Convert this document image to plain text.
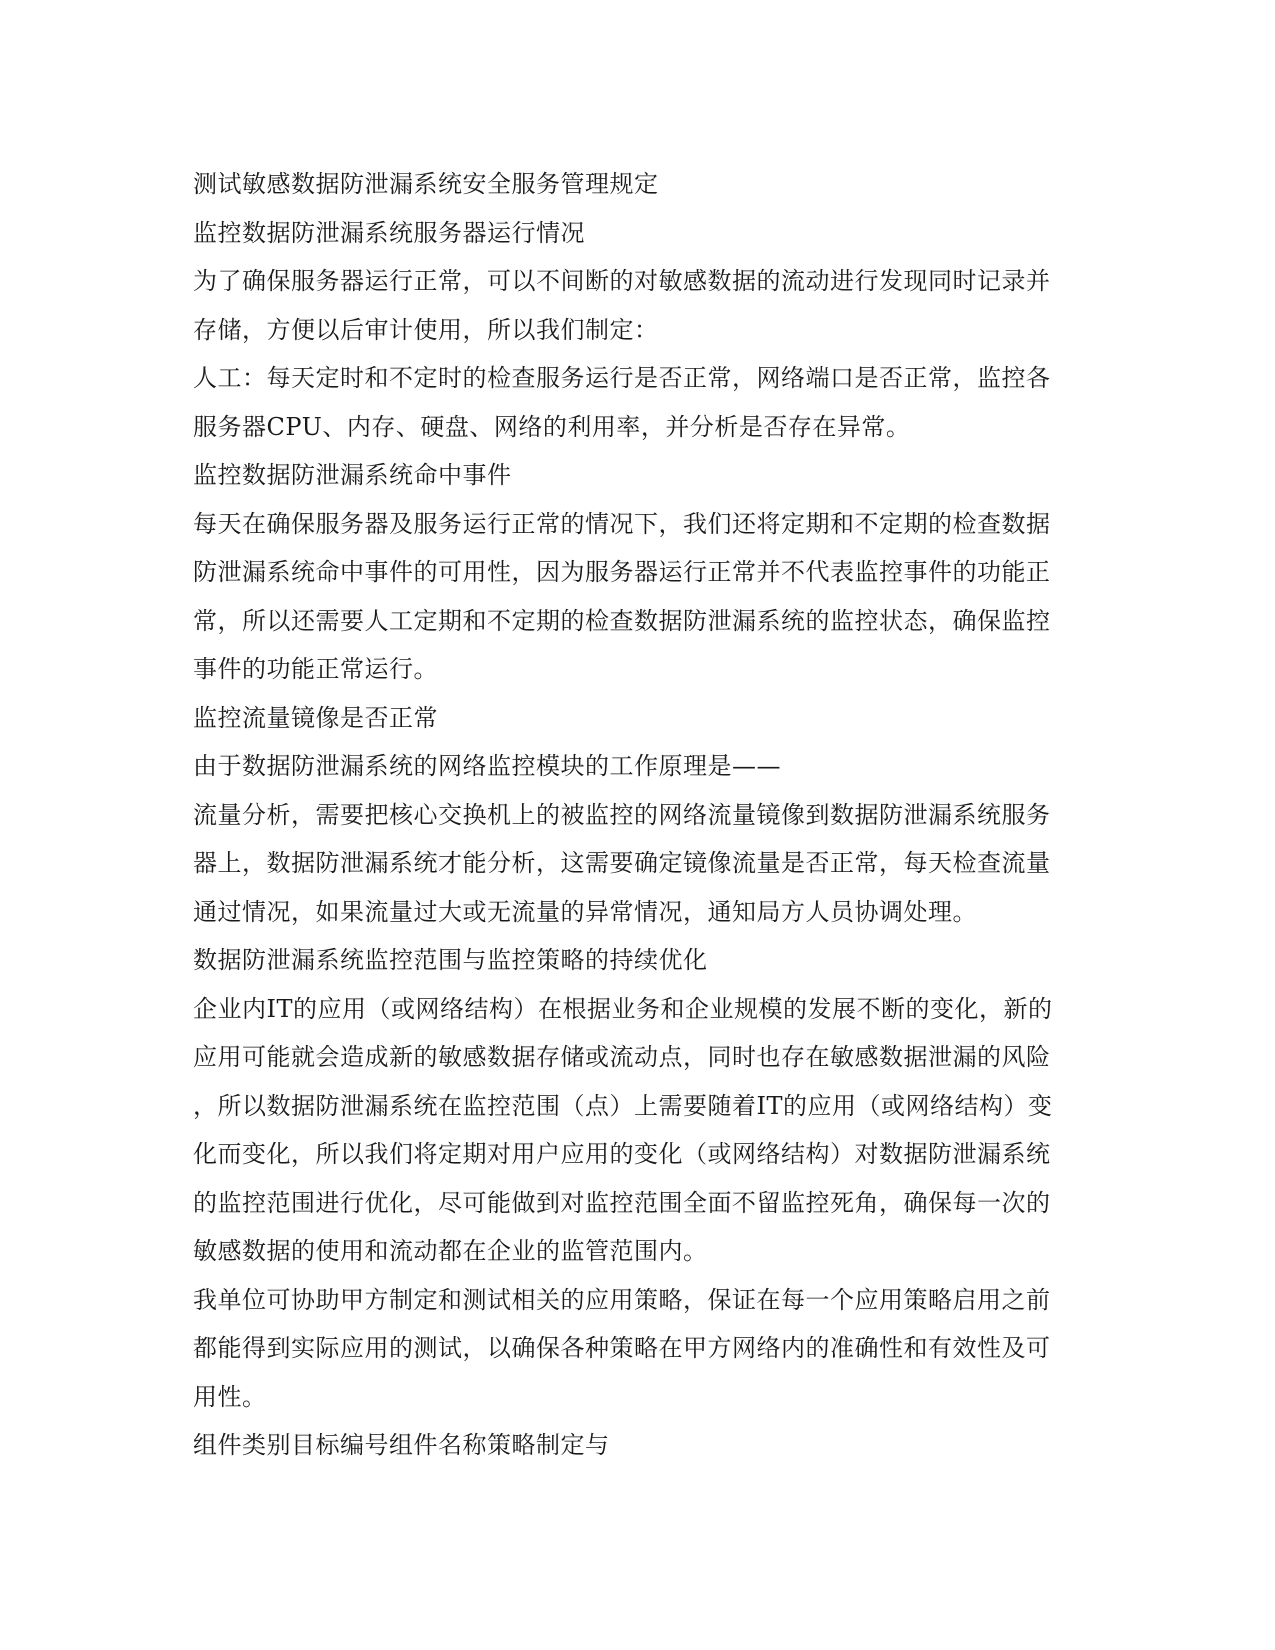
测试敏感数据防泄漏系统安全服务管理规定
监控数据防泄漏系统服务器运行情况
为了确保服务器运行正常，可以不间断的对敏感数据的流动进行发现同时记录并
存储，方便以后审计使用，所以我们制定：
人工：每天定时和不定时的检查服务运行是否正常，网络端口是否正常，监控各
服务器CPU、内存、硬盘、网络的利用率，并分析是否存在异常。
监控数据防泄漏系统命中事件
每天在确保服务器及服务运行正常的情况下，我们还将定期和不定期的检查数据
防泄漏系统命中事件的可用性，因为服务器运行正常并不代表监控事件的功能正
常，所以还需要人工定期和不定期的检查数据防泄漏系统的监控状态，确保监控
事件的功能正常运行。
监控流量镜像是否正常
由于数据防泄漏系统的网络监控模块的工作原理是——
流量分析，需要把核心交换机上的被监控的网络流量镜像到数据防泄漏系统服务
器上，数据防泄漏系统才能分析，这需要确定镜像流量是否正常，每天检查流量
通过情况，如果流量过大或无流量的异常情况，通知局方人员协调处理。
数据防泄漏系统监控范围与监控策略的持续优化
企业内IT的应用（或网络结构）在根据业务和企业规模的发展不断的变化，新的
应用可能就会造成新的敏感数据存储或流动点，同时也存在敏感数据泄漏的风险
，所以数据防泄漏系统在监控范围（点）上需要随着IT的应用（或网络结构）变
化而变化，所以我们将定期对用户应用的变化（或网络结构）对数据防泄漏系统
的监控范围进行优化，尽可能做到对监控范围全面不留监控死角，确保每一次的
敏感数据的使用和流动都在企业的监管范围内。
我单位可协助甲方制定和测试相关的应用策略，保证在每一个应用策略启用之前
都能得到实际应用的测试，以确保各种策略在甲方网络内的准确性和有效性及可
用性。
组件类别目标编号组件名称策略制定与
